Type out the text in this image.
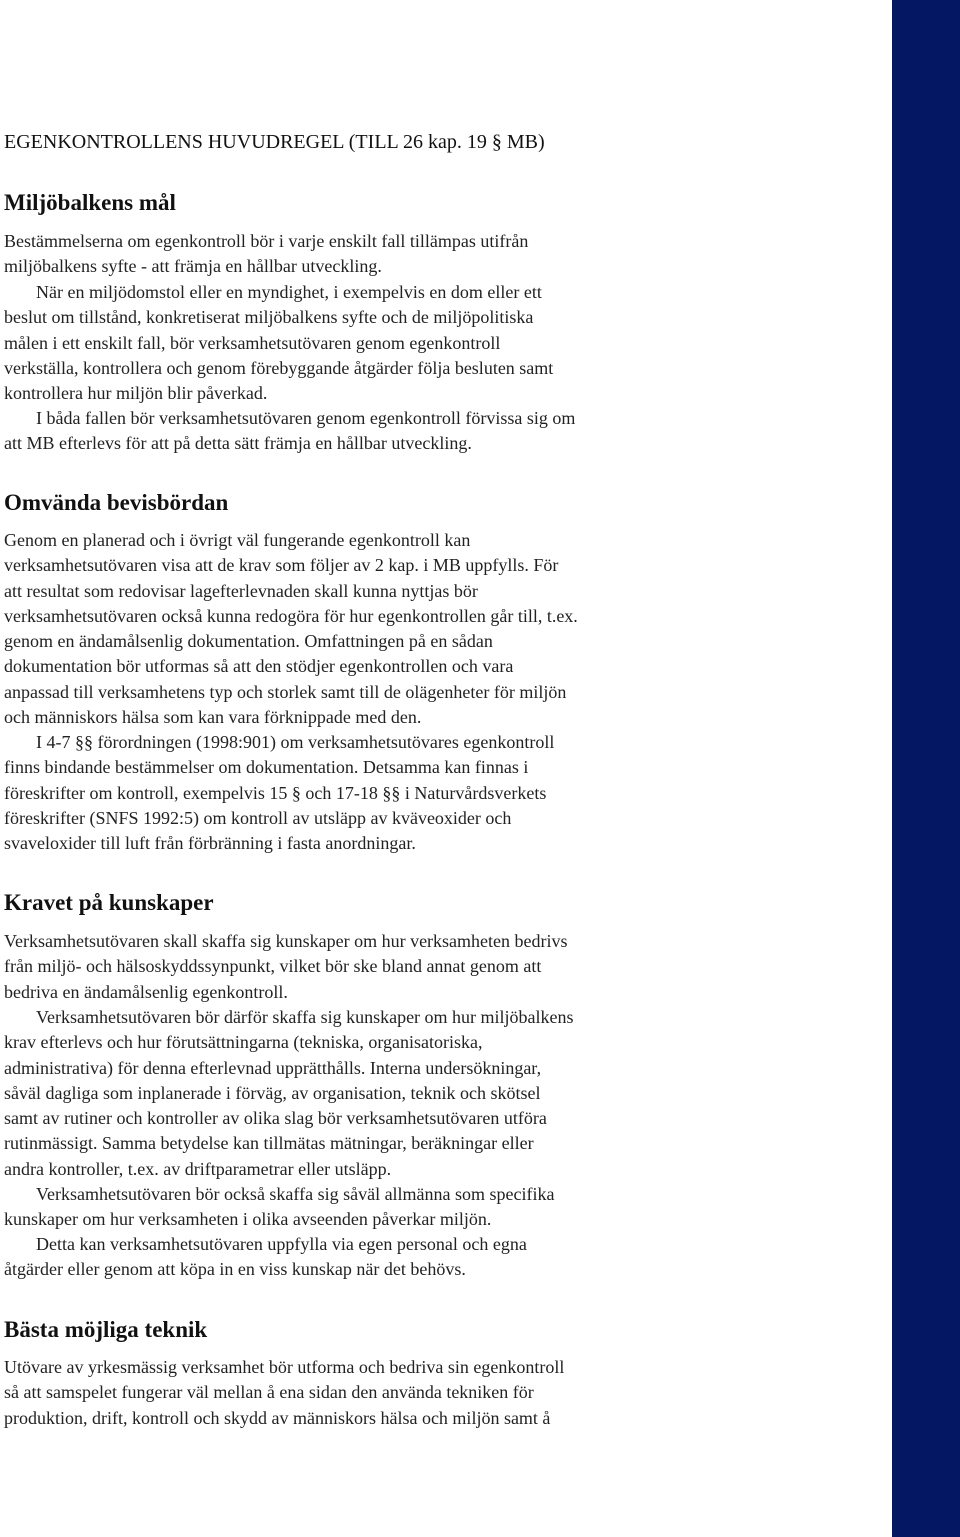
EGENKONTROLLENS HUVUDREGEL (TILL 26 kap. 19 § MB)
Miljöbalkens mål

Bestämmelserna om egenkontroll bör i varje enskilt fall tillämpas utifrån
miljöbalkens syfte - att främja en hållbar utveckling.

När en miljödomstol eller en myndighet, i exempelvis en dom eller ett
beslut om tillstånd, konkretiserat miljöbalkens syfte och de miljöpolitiska
målen i ett enskilt fall, bör verksamhetsutövaren genom egenkontroll
verkställa, kontrollera och genom förebyggande åtgärder följa besluten samt
kontrollera hur miljön blir påverkad.

I båda fallen bör verksamhetsutövaren genom egenkontroll förvissa sig om
att MB efterlevs för att på detta sätt främja en hållbar utveckling.

Omvända bevisbördan

Genom en planerad och i övrigt väl fungerande egenkontroll kan
verksamhetsutövaren visa att de krav som följer av 2 kap. i MB uppfylls. För
att resultat som redovisar lagefterlevnaden skall kunna nyttjas bör
verksamhetsutövaren också kunna redogöra för hur egenkontrollen går till, t.ex.
genom en ändamålsenlig dokumentation. Omfattningen på en sådan
dokumentation bör utformas så att den stödjer egenkontrollen och vara
anpassad till verksamhetens typ och storlek samt till de olägenheter för miljön
och människors hälsa som kan vara förknippade med den.

I 4-7 §§ förordningen (1998:901) om verksamhetsutövares egenkontroll
finns bindande bestämmelser om dokumentation. Detsamma kan finnas i
föreskrifter om kontroll, exempelvis 15 § och 17-18 §§ i Naturvårdsverkets
föreskrifter (SNFS 1992:5) om kontroll av utsläpp av kväveoxider och
svaveloxider till luft från förbränning i fasta anordningar.

Kravet på kunskaper

Verksamhetsutövaren skall skaffa sig kunskaper om hur verksamheten bedrivs
från miljö- och hälsoskyddssynpunkt, vilket bör ske bland annat genom att
bedriva en ändamålsenlig egenkontroll.

Verksamhetsutövaren bör därför skaffa sig kunskaper om hur miljöbalkens
krav efterlevs och hur förutsättningarna (tekniska, organisatoriska,
administrativa) för denna efterlevnad upprätthålls. Interna undersökningar,
såväl dagliga som inplanerade i förväg, av organisation, teknik och skötsel
samt av rutiner och kontroller av olika slag bör verksamhetsutövaren utföra
rutinmässigt. Samma betydelse kan tillmätas mätningar, beräkningar eller
andra kontroller, t.ex. av driftparametrar eller utsläpp.

Verksamhetsutövaren bör också skaffa sig såväl allmänna som specifika
kunskaper om hur verksamheten i olika avseenden påverkar miljön.

Detta kan verksamhetsutövaren uppfylla via egen personal och egna
åtgärder eller genom att köpa in en viss kunskap när det behövs.

Bästa möjliga teknik

Utövare av yrkesmässig verksamhet bör utforma och bedriva sin egenkontroll
så att samspelet fungerar väl mellan å ena sidan den använda tekniken för
produktion, drift, kontroll och skydd av människors hälsa och miljön samt å
